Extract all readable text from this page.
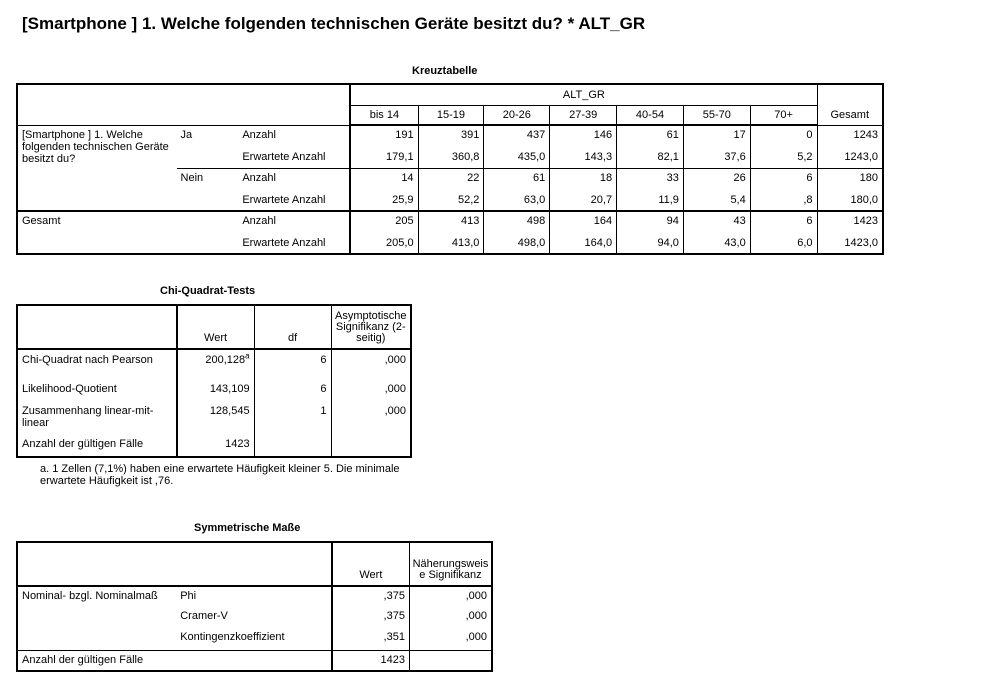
[Smartphone ] 1. Welche folgenden technischen Geräte besitzt du? * ALT_GR
Kreuztabelle
			ALT_GR							Gesamt
			bis 14	15-19	20-26	27-39	40-54	55-70	70+	
[Smartphone ] 1. Welche folgenden technischen Geräte besitzt du?	Ja	Anzahl	191	391	437	146	61	17	0	1243
		Erwartete Anzahl	179,1	360,8	435,0	143,3	82,1	37,6	5,2	1243,0
	Nein	Anzahl	14	22	61	18	33	26	6	180
		Erwartete Anzahl	25,9	52,2	63,0	20,7	11,9	5,4	,8	180,0
Gesamt		Anzahl	205	413	498	164	94	43	6	1423
		Erwartete Anzahl	205,0	413,0	498,0	164,0	94,0	43,0	6,0	1423,0
Chi-Quadrat-Tests
	Wert	df	Asymptotische Signifikanz (2-seitig)
Chi-Quadrat nach Pearson	200,128$^a$	6	,000
Likelihood-Quotient	143,109	6	,000
Zusammenhang linear-mit-linear	128,545	1	,000
Anzahl der gültigen Fälle	1423		
a. 1 Zellen (7,1%) haben eine erwartete Häufigkeit kleiner 5. Die minimale erwartete Häufigkeit ist ,76.
Symmetrische Maße
		Wert	Näherungsweise Signifikanz
Nominal- bzgl. Nominalmaß	Phi	,375	,000
	Cramer-V	,375	,000
	Kontingenzkoeffizient	,351	,000
Anzahl der gültigen Fälle		1423	
